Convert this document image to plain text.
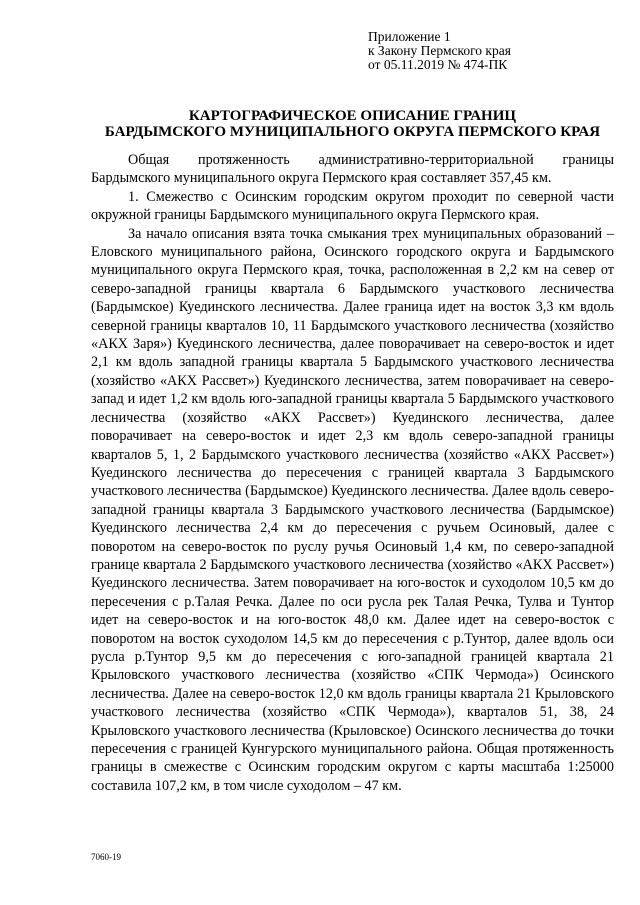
Приложение 1
к Закону Пермского края
от 05.11.2019 № 474-ПК
КАРТОГРАФИЧЕСКОЕ ОПИСАНИЕ ГРАНИЦ
БАРДЫМСКОГО МУНИЦИПАЛЬНОГО ОКРУГА ПЕРМСКОГО КРАЯ

Общая протяженность административно-территориальной границы Бардымского муниципального округа Пермского края составляет 357,45 км.

1. Смежество с Осинским городским округом проходит по северной части окружной границы Бардымского муниципального округа Пермского края.

За начало описания взята точка смыкания трех муниципальных образований – Еловского муниципального района, Осинского городского округа и Бардымского муниципального округа Пермского края, точка, расположенная в 2,2 км на север от северо-западной границы квартала 6 Бардымского участкового лесничества (Бардымское) Куединского лесничества. Далее граница идет на восток 3,3 км вдоль северной границы кварталов 10, 11 Бардымского участкового лесничества (хозяйство «АКХ Заря») Куединского лесничества, далее поворачивает на северо-восток и идет 2,1 км вдоль западной границы квартала 5 Бардымского участкового лесничества (хозяйство «АКХ Рассвет») Куединского лесничества, затем поворачивает на северо-запад и идет 1,2 км вдоль юго-западной границы квартала 5 Бардымского участкового лесничества (хозяйство «АКХ Рассвет») Куединского лесничества, далее поворачивает на северо-восток и идет 2,3 км вдоль северо-западной границы кварталов 5, 1, 2 Бардымского участкового лесничества (хозяйство «АКХ Рассвет») Куединского лесничества до пересечения с границей квартала 3 Бардымского участкового лесничества (Бардымское) Куединского лесничества. Далее вдоль северо-западной границы квартала 3 Бардымского участкового лесничества (Бардымское) Куединского лесничества 2,4 км до пересечения с ручьем Осиновый, далее с поворотом на северо-восток по руслу ручья Осиновый 1,4 км, по северо-западной границе квартала 2 Бардымского участкового лесничества (хозяйство «АКХ Рассвет») Куединского лесничества. Затем поворачивает на юго-восток и суходолом 10,5 км до пересечения с р.Талая Речка. Далее по оси русла рек Талая Речка, Тулва и Тунтор идет на северо-восток и на юго-восток 48,0 км. Далее идет на северо-восток с поворотом на восток суходолом 14,5 км до пересечения с р.Тунтор, далее вдоль оси русла р.Тунтор 9,5 км до пересечения с юго-западной границей квартала 21 Крыловского участкового лесничества (хозяйство «СПК Чермода») Осинского лесничества. Далее на северо-восток 12,0 км вдоль границы квартала 21 Крыловского участкового лесничества (хозяйство «СПК Чермода»), кварталов 51, 38, 24 Крыловского участкового лесничества (Крыловское) Осинского лесничества до точки пересечения с границей Кунгурского муниципального района. Общая протяженность границы в смежестве с Осинским городским округом с карты масштаба 1:25000 составила 107,2 км, в том числе суходолом – 47 км.

7060-19
